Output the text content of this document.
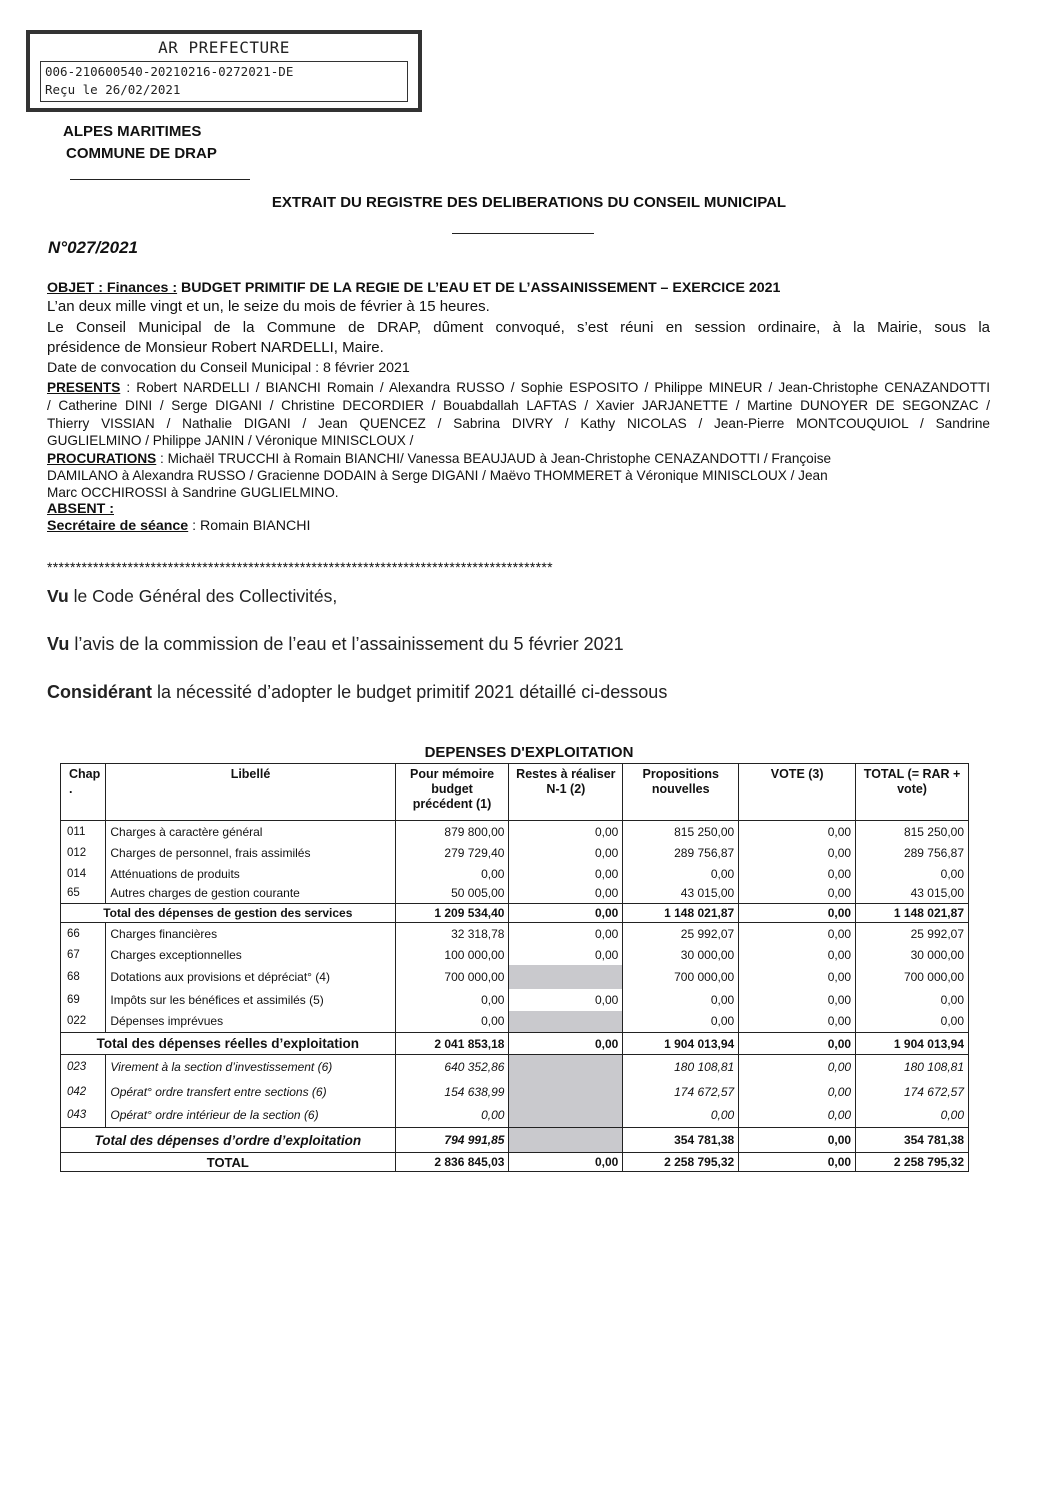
AR PREFECTURE
006-210600540-20210216-0272021-DE
Reçu le 26/02/2021
ALPES MARITIMES
COMMUNE DE DRAP
EXTRAIT DU REGISTRE DES DELIBERATIONS DU CONSEIL MUNICIPAL
N°027/2021
OBJET : Finances : BUDGET PRIMITIF DE LA REGIE DE L’EAU ET DE L’ASSAINISSEMENT – EXERCICE 2021
L’an deux mille vingt et un, le seize du mois de février à 15 heures.
Le Conseil Municipal de la Commune de DRAP, dûment convoqué, s’est réuni en session ordinaire, à la Mairie, sous la
présidence de Monsieur Robert NARDELLI, Maire.
Date de convocation du Conseil Municipal : 8 février 2021
PRESENTS : Robert NARDELLI / BIANCHI Romain / Alexandra RUSSO / Sophie ESPOSITO / Philippe MINEUR / Jean-Christophe CENAZANDOTTI
/ Catherine DINI / Serge DIGANI / Christine DECORDIER / Bouabdallah LAFTAS / Xavier JARJANETTE / Martine DUNOYER DE SEGONZAC /
Thierry VISSIAN / Nathalie DIGANI / Jean QUENCEZ / Sabrina DIVRY / Kathy NICOLAS / Jean-Pierre MONTCOUQUIOL / Sandrine
GUGLIELMINO / Philippe JANIN / Véronique MINISCLOUX /
PROCURATIONS : Michaël TRUCCHI à Romain BIANCHI/ Vanessa BEAUJAUD à Jean-Christophe CENAZANDOTTI / Françoise
DAMILANO à Alexandra RUSSO / Gracienne DODAIN à Serge DIGANI / Maëvo THOMMERET à Véronique MINISCLOUX / Jean
Marc OCCHIROSSI à Sandrine GUGLIELMINO.
ABSENT :
Secrétaire de séance : Romain BIANCHI
****************************************************************************************
Vu le Code Général des Collectivités,
Vu l’avis de la commission de l’eau et l’assainissement du 5 février 2021
Considérant la nécessité d’adopter le budget primitif 2021 détaillé ci-dessous
DEPENSES D'EXPLOITATION
Chap .	Libellé	Pour mémoire budget précédent (1)	Restes à réaliser N-1 (2)	Propositions nouvelles	VOTE (3)	TOTAL (= RAR + vote)
011	Charges à caractère général	879 800,00	0,00	815 250,00	0,00	815 250,00
012	Charges de personnel, frais assimilés	279 729,40	0,00	289 756,87	0,00	289 756,87
014	Atténuations de produits	0,00	0,00	0,00	0,00	0,00
65	Autres charges de gestion courante	50 005,00	0,00	43 015,00	0,00	43 015,00
Total des dépenses de gestion des services		1 209 534,40	0,00	1 148 021,87	0,00	1 148 021,87
66	Charges financières	32 318,78	0,00	25 992,07	0,00	25 992,07
67	Charges exceptionnelles	100 000,00	0,00	30 000,00	0,00	30 000,00
68	Dotations aux provisions et dépréciat° (4)	700 000,00		700 000,00	0,00	700 000,00
69	Impôts sur les bénéfices et assimilés (5)	0,00	0,00	0,00	0,00	0,00
022	Dépenses imprévues	0,00		0,00	0,00	0,00
Total des dépenses réelles d’exploitation		2 041 853,18	0,00	1 904 013,94	0,00	1 904 013,94
023	Virement à la section d’investissement (6)	640 352,86		180 108,81	0,00	180 108,81
042	Opérat° ordre transfert entre sections (6)	154 638,99		174 672,57	0,00	174 672,57
043	Opérat° ordre intérieur de la section (6)	0,00		0,00	0,00	0,00
Total des dépenses d’ordre d’exploitation		794 991,85		354 781,38	0,00	354 781,38
TOTAL		2 836 845,03	0,00	2 258 795,32	0,00	2 258 795,32
